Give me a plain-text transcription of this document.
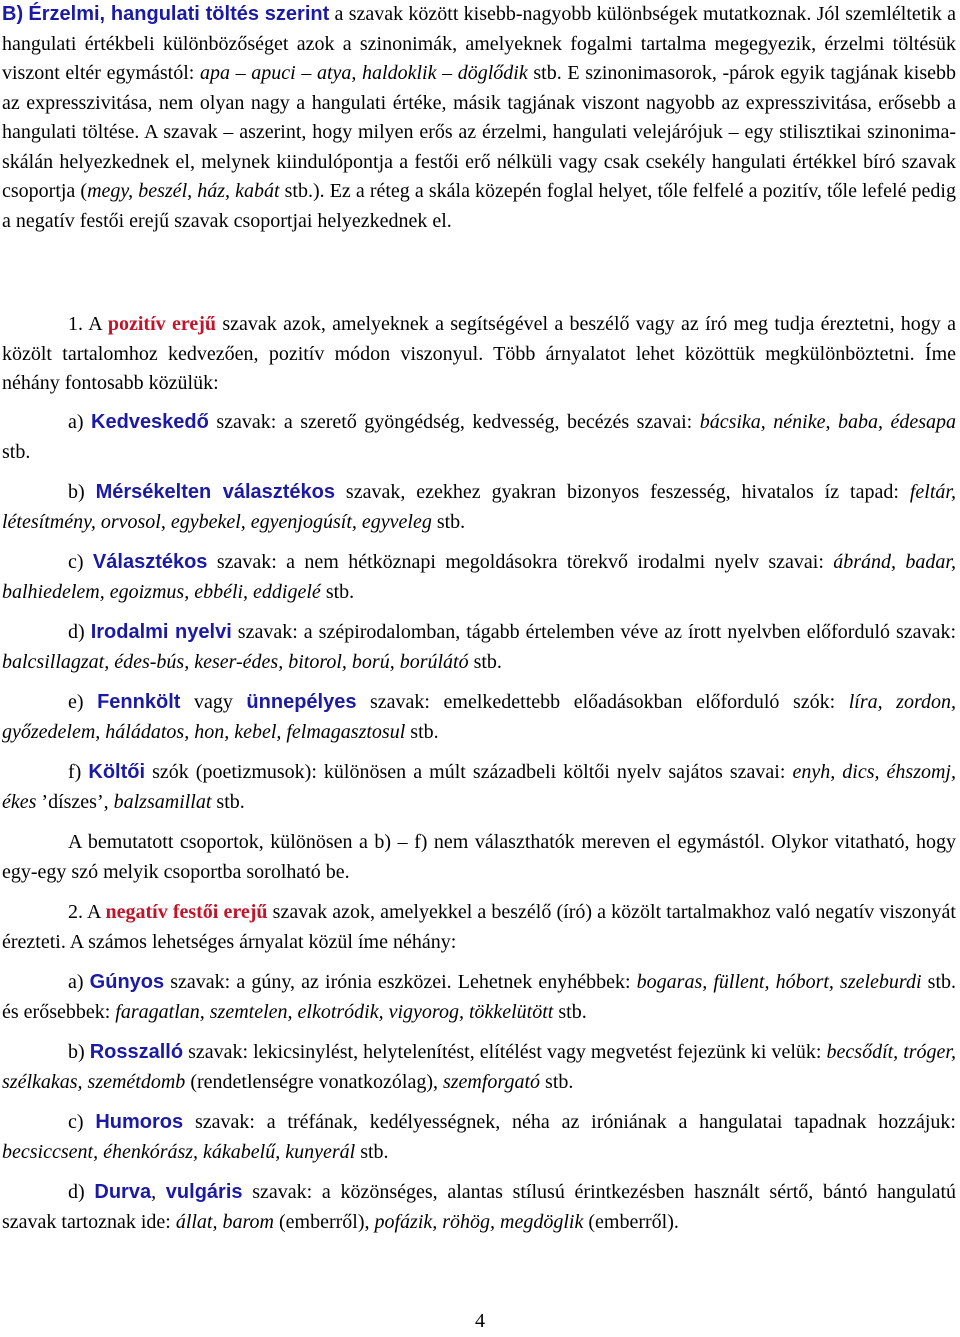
B) Érzelmi, hangulati töltés szerint a szavak között kisebb-nagyobb különbségek mutatkoznak. Jól szemléltetik a hangulati értékbeli különbözőséget azok a szinonimák, amelyeknek fogalmi tartalma megegyezik, érzelmi töltésük viszont eltér egymástól: apa – apuci – atya, haldoklik – döglődik stb. E szinonimasorok, -párok egyik tagjának kisebb az expresszivitása, nem olyan nagy a hangulati értéke, másik tagjának viszont nagyobb az expresszivitása, erősebb a hangulati töltése. A szavak – aszerint, hogy milyen erős az érzelmi, hangulati velejárójuk – egy stilisztikai szinonima-skálán helyezkednek el, melynek kiindulópontja a festői erő nélküli vagy csak csekély hangulati értékkel bíró szavak csoportja (megy, beszél, ház, kabát stb.). Ez a réteg a skála közepén foglal helyet, tőle felfelé a pozitív, tőle lefelé pedig a negatív festői erejű szavak csoportjai helyezkednek el.

1. A pozitív erejű szavak azok, amelyeknek a segítségével a beszélő vagy az író meg tudja éreztetni, hogy a közölt tartalomhoz kedvezően, pozitív módon viszonyul. Több árnyalatot lehet közöttük megkülönböztetni. Íme néhány fontosabb közülük:

a) Kedveskedő szavak: a szerető gyöngédség, kedvesség, becézés szavai: bácsika, nénike, baba, édesapa stb.

b) Mérsékelten választékos szavak, ezekhez gyakran bizonyos feszesség, hivatalos íz tapad: feltár, létesítmény, orvosol, egybekel, egyenjogúsít, egyveleg stb.

c) Választékos szavak: a nem hétköznapi megoldásokra törekvő irodalmi nyelv szavai: ábránd, badar, balhiedelem, egoizmus, ebbéli, eddigelé stb.

d) Irodalmi nyelvi szavak: a szépirodalomban, tágabb értelemben véve az írott nyelvben előforduló szavak: balcsillagzat, édes-bús, keser-édes, bitorol, ború, borúlátó stb.

e) Fennkölt vagy ünnepélyes szavak: emelkedettebb előadásokban előforduló szók: líra, zordon, győzedelem, háládatos, hon, kebel, felmagasztosul stb.

f) Költői szók (poetizmusok): különösen a múlt századbeli költői nyelv sajátos szavai: enyh, dics, éhszomj, ékes ’díszes’, balzsamillat stb.

A bemutatott csoportok, különösen a b) – f) nem választhatók mereven el egymástól. Olykor vitatható, hogy egy-egy szó melyik csoportba sorolható be.

2. A negatív festői erejű szavak azok, amelyekkel a beszélő (író) a közölt tartalmakhoz való negatív viszonyát érezteti. A számos lehetséges árnyalat közül íme néhány:

a) Gúnyos szavak: a gúny, az irónia eszközei. Lehetnek enyhébbek: bogaras, füllent, hóbort, szeleburdi stb. és erősebbek: faragatlan, szemtelen, elkotródik, vigyorog, tökkelütött stb.

b) Rosszalló szavak: lekicsinylést, helytelenítést, elítélést vagy megvetést fejezünk ki velük: becsődít, tróger, szélkakas, szemétdomb (rendetlenségre vonatkozólag), szemforgató stb.

c) Humoros szavak: a tréfának, kedélyességnek, néha az iróniának a hangulatai tapadnak hozzájuk: becsiccsent, éhenkórász, kákabelű, kunyerál stb.

d) Durva, vulgáris szavak: a közönséges, alantas stílusú érintkezésben használt sértő, bántó hangulatú szavak tartoznak ide: állat, barom (emberről), pofázik, röhög, megdöglik (emberről).

4
